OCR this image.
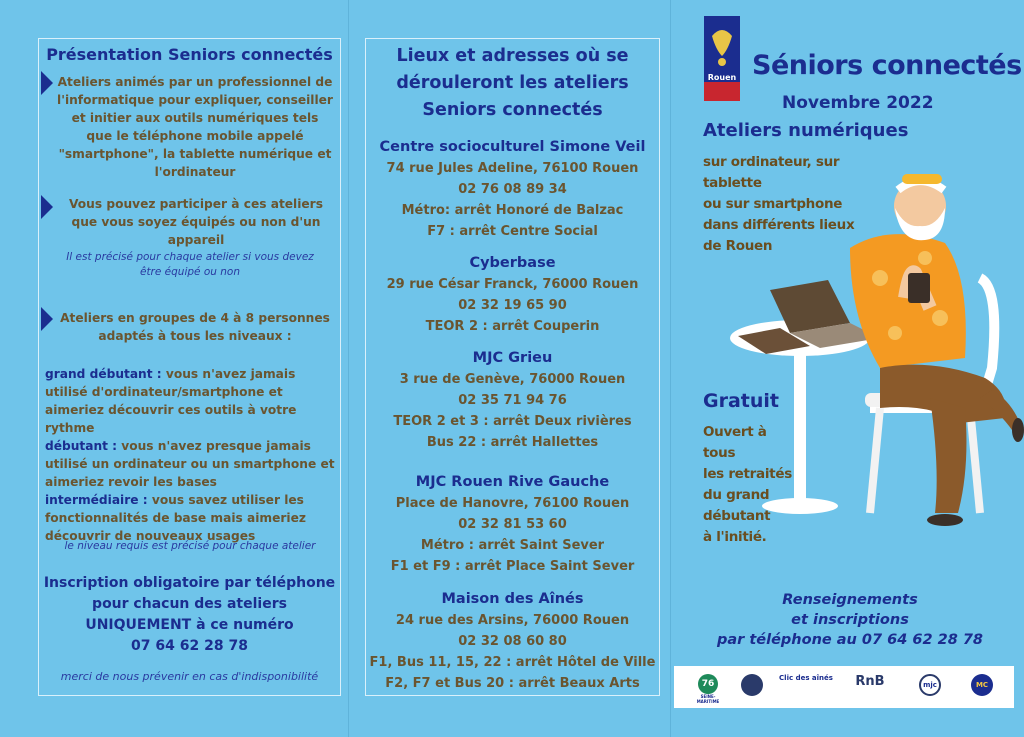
Présentation Seniors connectés
Ateliers animés par un professionnel de l'informatique pour expliquer, conseiller et initier aux outils numériques tels que le téléphone mobile appelé "smartphone", la tablette numérique et l'ordinateur
Vous pouvez participer à ces ateliers que vous soyez équipés ou non d'un appareil
Il est précisé pour chaque atelier si vous devez être équipé ou non
Ateliers en groupes de 4 à 8 personnes adaptés à tous les niveaux :
grand débutant : vous n'avez jamais utilisé d'ordinateur/smartphone et aimeriez découvrir ces outils à votre rythme
débutant : vous n'avez presque jamais utilisé un ordinateur ou un smartphone et aimeriez revoir les bases
intermédiaire : vous savez utiliser les fonctionnalités de base mais aimeriez découvrir de nouveaux usages
le niveau requis est précisé pour chaque atelier
Inscription obligatoire par téléphone pour chacun des ateliers UNIQUEMENT à ce numéro
07 64 62 28 78
merci de nous prévenir en cas d'indisponibilité
Lieux et adresses où se dérouleront les ateliers Seniors connectés
Centre socioculturel Simone Veil
74 rue Jules Adeline, 76100 Rouen
02 76 08 89 34
Métro: arrêt Honoré de Balzac
F7 : arrêt Centre Social
Cyberbase
29 rue César Franck, 76000 Rouen
02 32 19 65 90
TEOR 2 : arrêt Couperin
MJC Grieu
3 rue de Genève, 76000 Rouen
02 35 71 94 76
TEOR 2 et 3 : arrêt Deux rivières
Bus 22 : arrêt Hallettes
MJC Rouen Rive Gauche
Place de Hanovre, 76100 Rouen
02 32 81 53 60
Métro : arrêt Saint Sever
F1 et F9 : arrêt Place Saint Sever
Maison des Aînés
24 rue des Arsins, 76000 Rouen
02 32 08 60 80
F1, Bus 11, 15, 22 : arrêt Hôtel de Ville
F2, F7 et Bus 20 : arrêt Beaux Arts
Rouen Séniors connectés
Novembre 2022
Ateliers numériques
sur ordinateur, sur tablette
ou sur smartphone
dans différents lieux
de Rouen
Gratuit
Ouvert à tous
les retraités
du grand
débutant
à l'initié.
Renseignements
et inscriptions
par téléphone au 07 64 62 28 78
76
SEINE-MARITIME
Clic des aînés	RnB	mjc	MC
